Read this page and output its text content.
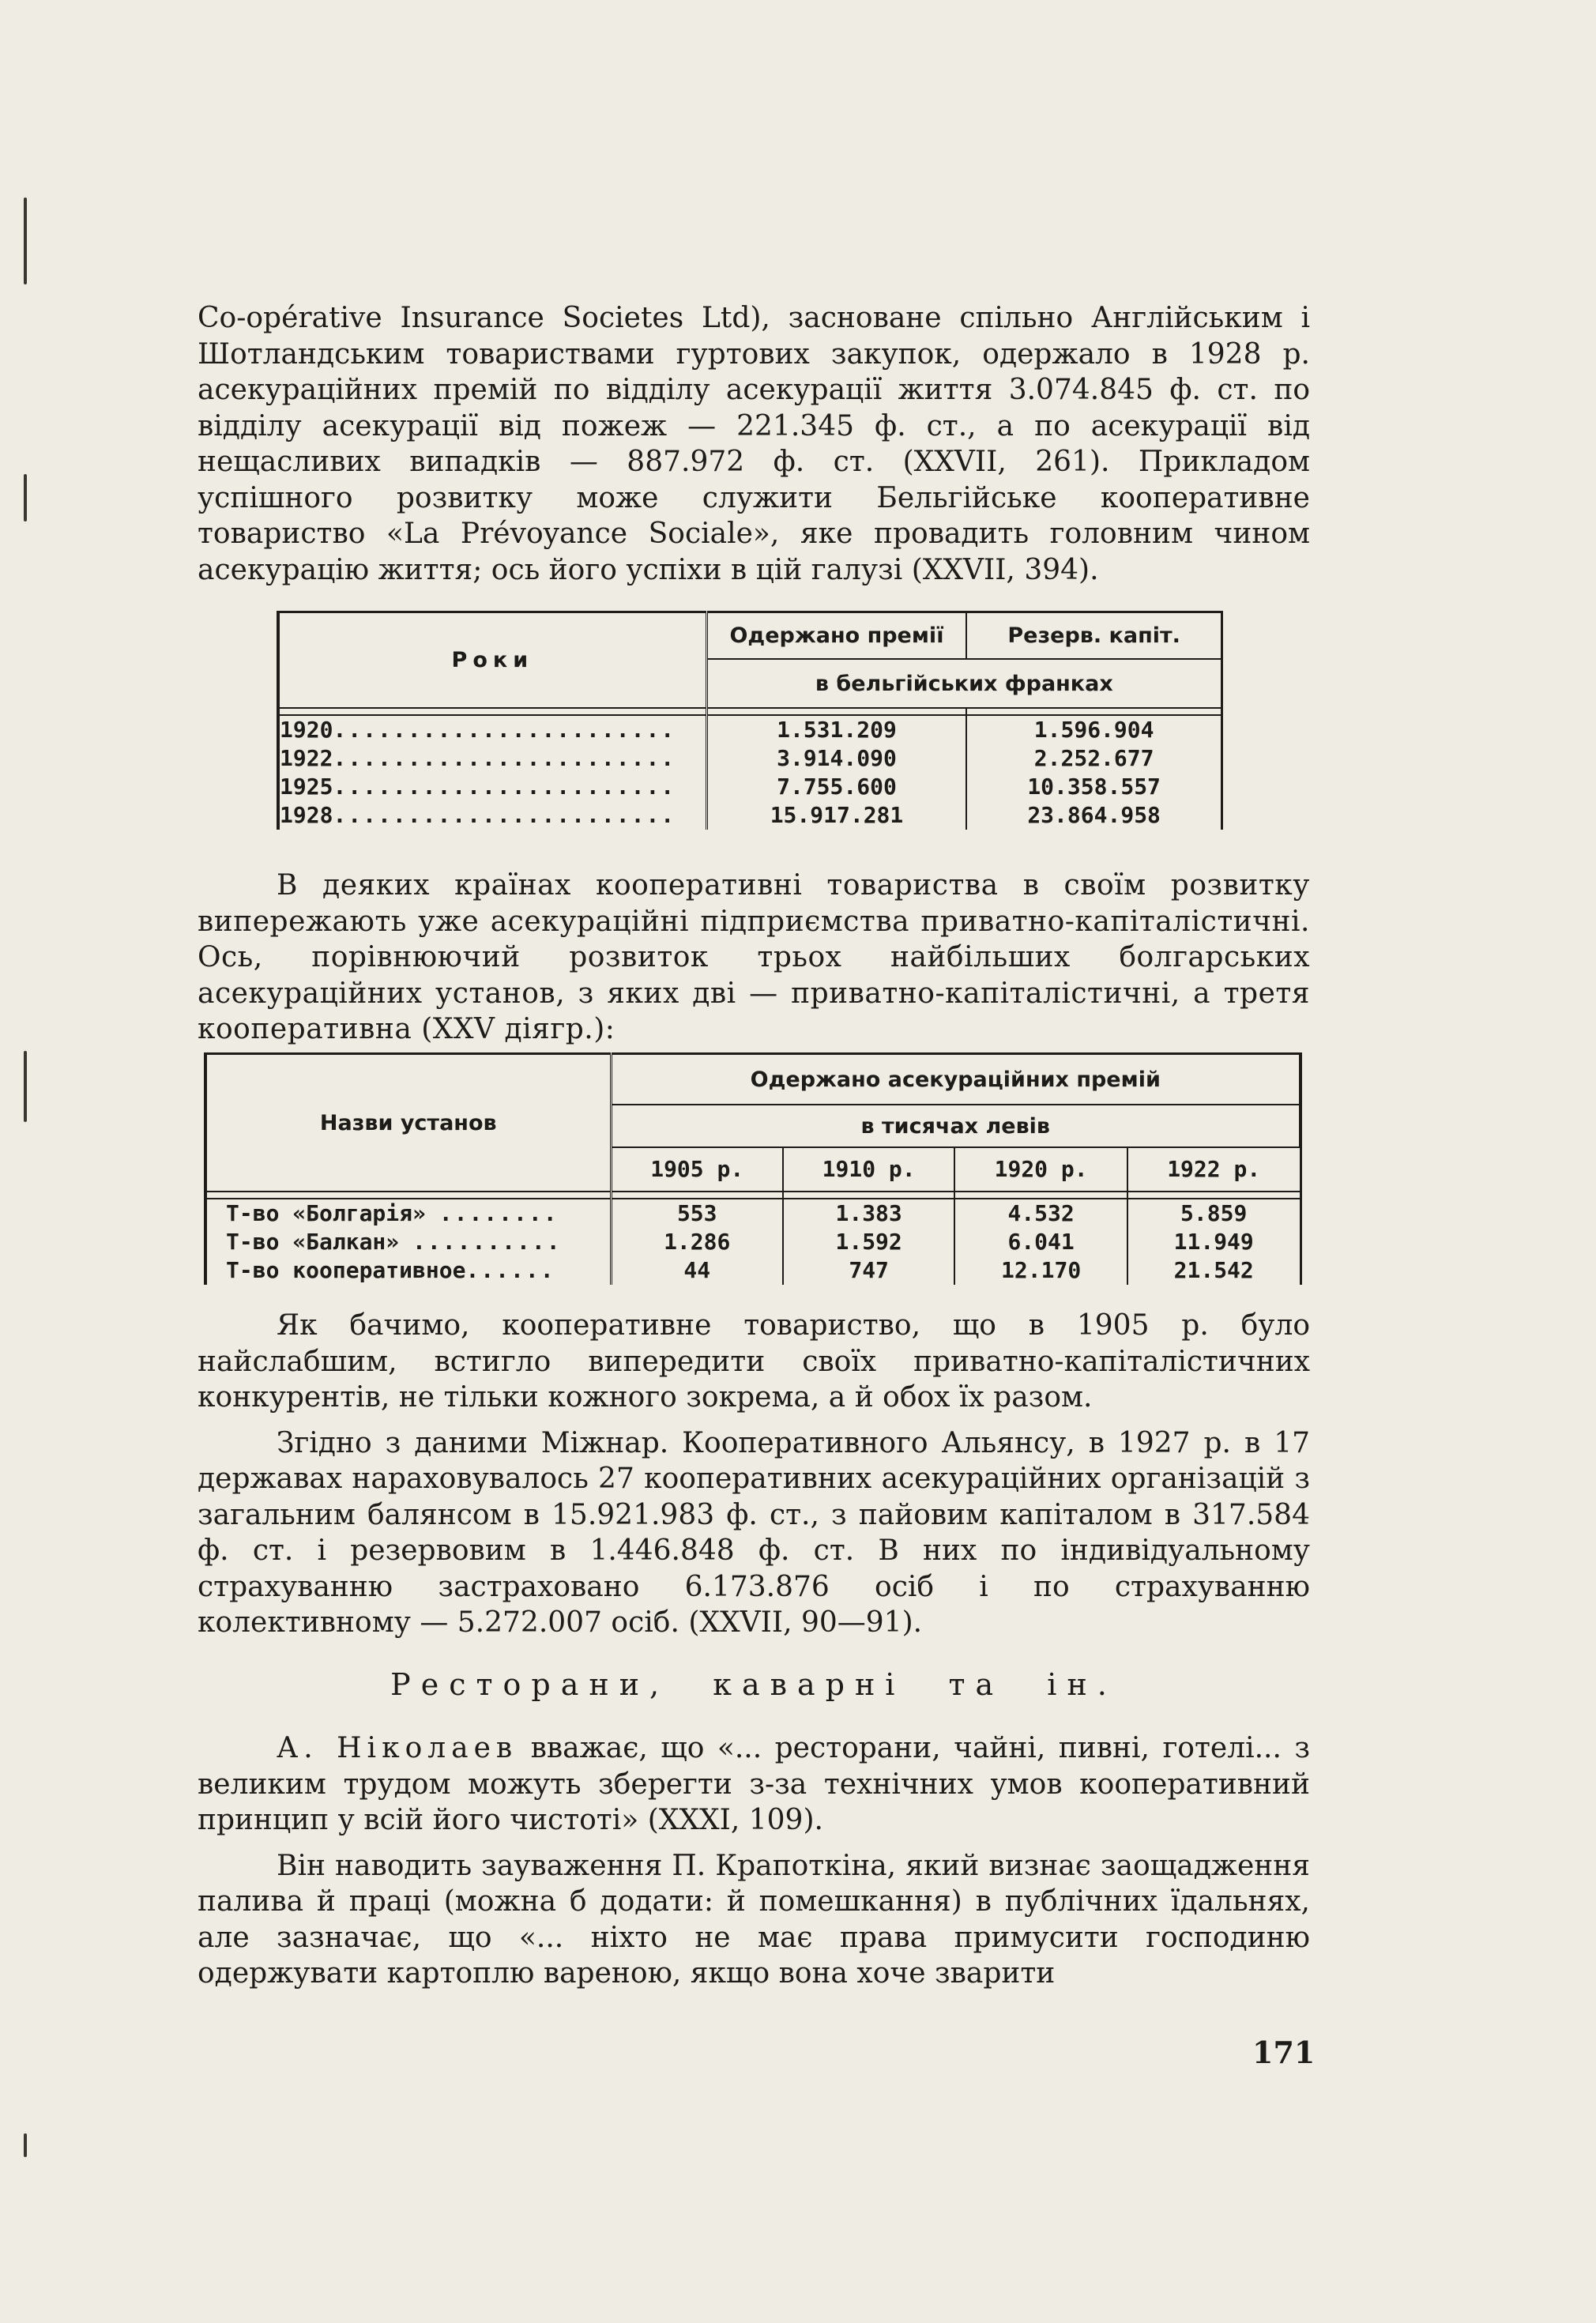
Co-opérative Insurance Societes Ltd), засноване спільно Англійським і Шотландським товариствами гуртових закупок, одержало в 1928 р. асекураційних премій по відділу асекурації життя 3.074.845 ф. ст. по відділу асекурації від пожеж — 221.345 ф. ст., а по асекурації від нещасливих випадків — 887.972 ф. ст. (XXVII, 261). Прикладом успішного розвитку може служити Бельгійське кооперативне товариство «La Prévoyance Sociale», яке провадить головним чином асекурацію життя; ось його успіхи в цій галузі (XXVII, 394).

Роки	Одержано премії	Резерв. капіт.
	в бельгійських франках	

1920.......................	1.531.209	1.596.904
1922.......................	3.914.090	2.252.677
1925.......................	7.755.600	10.358.557
1928.......................	15.917.281	23.864.958

В деяких країнах кооперативні товариства в своїм розвитку випережають уже асекураційні підприємства приватно-капіталістичні. Ось, порівнюючий розвиток трьох найбільших болгарських асекураційних установ, з яких дві — приватно-капіталістичні, а третя кооперативна (XXV діягр.):

Назви установ	Одержано асекураційних премій			
	в тисячах левів			
	1905 р.	1910 р.	1920 р.	1922 р.

Т-во «Болгарія» ........	553	1.383	4.532	5.859
Т-во «Балкан» ..........	1.286	1.592	6.041	11.949
Т-во кооперативное......	44	747	12.170	21.542

Як бачимо, кооперативне товариство, що в 1905 р. було найслабшим, встигло випередити своїх приватно-капіталістичних конкурентів, не тільки кожного зокрема, а й обох їх разом.

Згідно з даними Міжнар. Кооперативного Альянсу, в 1927 р. в 17 державах нараховувалось 27 кооперативних асекураційних організацій з загальним балянсом в 15.921.983 ф. ст., з пайовим капіталом в 317.584 ф. ст. і резервовим в 1.446.848 ф. ст. В них по індивідуальному страхуванню застраховано 6.173.876 осіб і по страхуванню колективному — 5.272.007 осіб. (XXVII, 90—91).

Ресторани, каварні та ін.

А. Ніколаев вважає, що «... ресторани, чайні, пивні, готелі... з великим трудом можуть зберегти з-за технічних умов кооперативний принцип у всій його чистоті» (XXXI, 109).

Він наводить зауваження П. Крапоткіна, який визнає заощадження палива й праці (можна б додати: й помешкання) в публічних їдальнях, але зазначає, що «... ніхто не має права примусити господиню одержувати картоплю вареною, якщо вона хоче зварити

171
